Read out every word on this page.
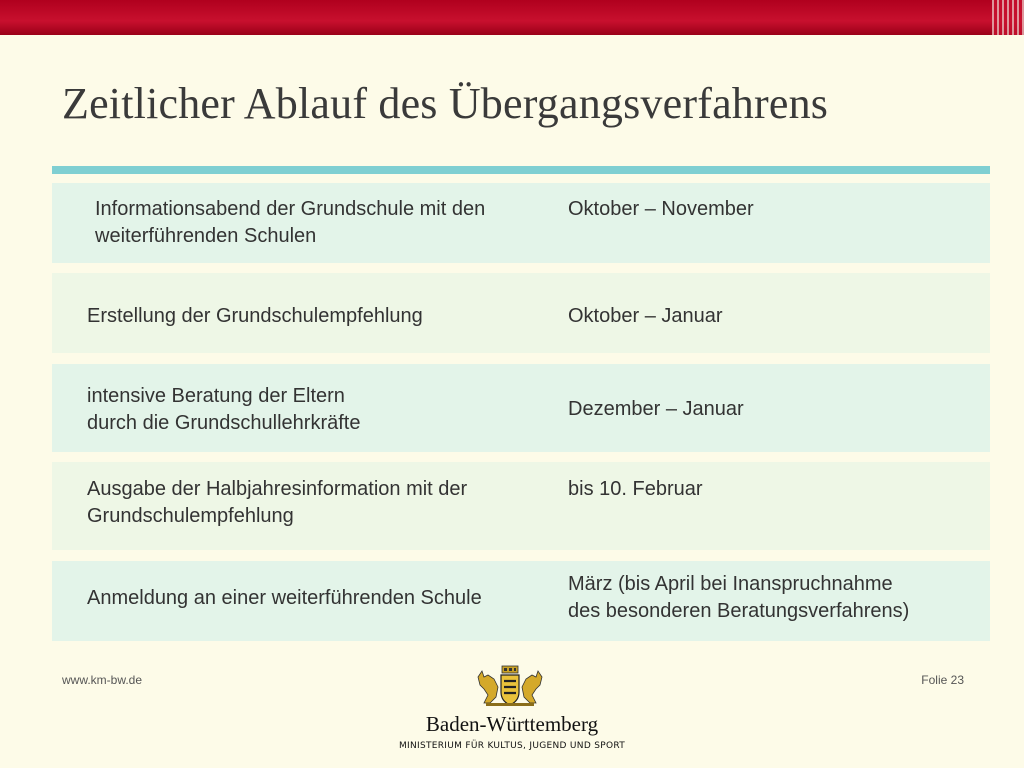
Zeitlicher Ablauf des Übergangsverfahrens
Informationsabend der Grundschule mit den
weiterführenden Schulen
Oktober – November
Erstellung der Grundschulempfehlung	Oktober – Januar
intensive Beratung der Eltern
durch die Grundschullehrkräfte
Dezember – Januar
Ausgabe der Halbjahresinformation mit der
Grundschulempfehlung
bis 10. Februar
Anmeldung an einer weiterführenden Schule
März (bis April bei Inanspruchnahme
des besonderen Beratungsverfahrens)
www.km-bw.de	Folie 23
Baden-Württemberg
MINISTERIUM FÜR KULTUS, JUGEND UND SPORT
